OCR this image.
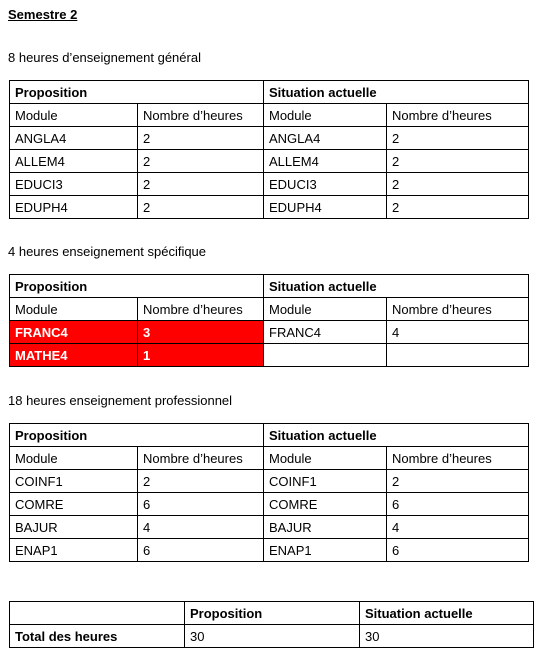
Semestre 2
8 heures d’enseignement général
Proposition		Situation actuelle	
Module	Nombre d’heures	Module	Nombre d’heures
ANGLA4	2	ANGLA4	2
ALLEM4	2	ALLEM4	2
EDUCI3	2	EDUCI3	2
EDUPH4	2	EDUPH4	2
4 heures enseignement spécifique
Proposition		Situation actuelle	
Module	Nombre d’heures	Module	Nombre d’heures
FRANC4	3	FRANC4	4
MATHE4	1		
18 heures enseignement professionnel
Proposition		Situation actuelle	
Module	Nombre d’heures	Module	Nombre d’heures
COINF1	2	COINF1	2
COMRE	6	COMRE	6
BAJUR	4	BAJUR	4
ENAP1	6	ENAP1	6
	Proposition	Situation actuelle
Total des heures	30	30
